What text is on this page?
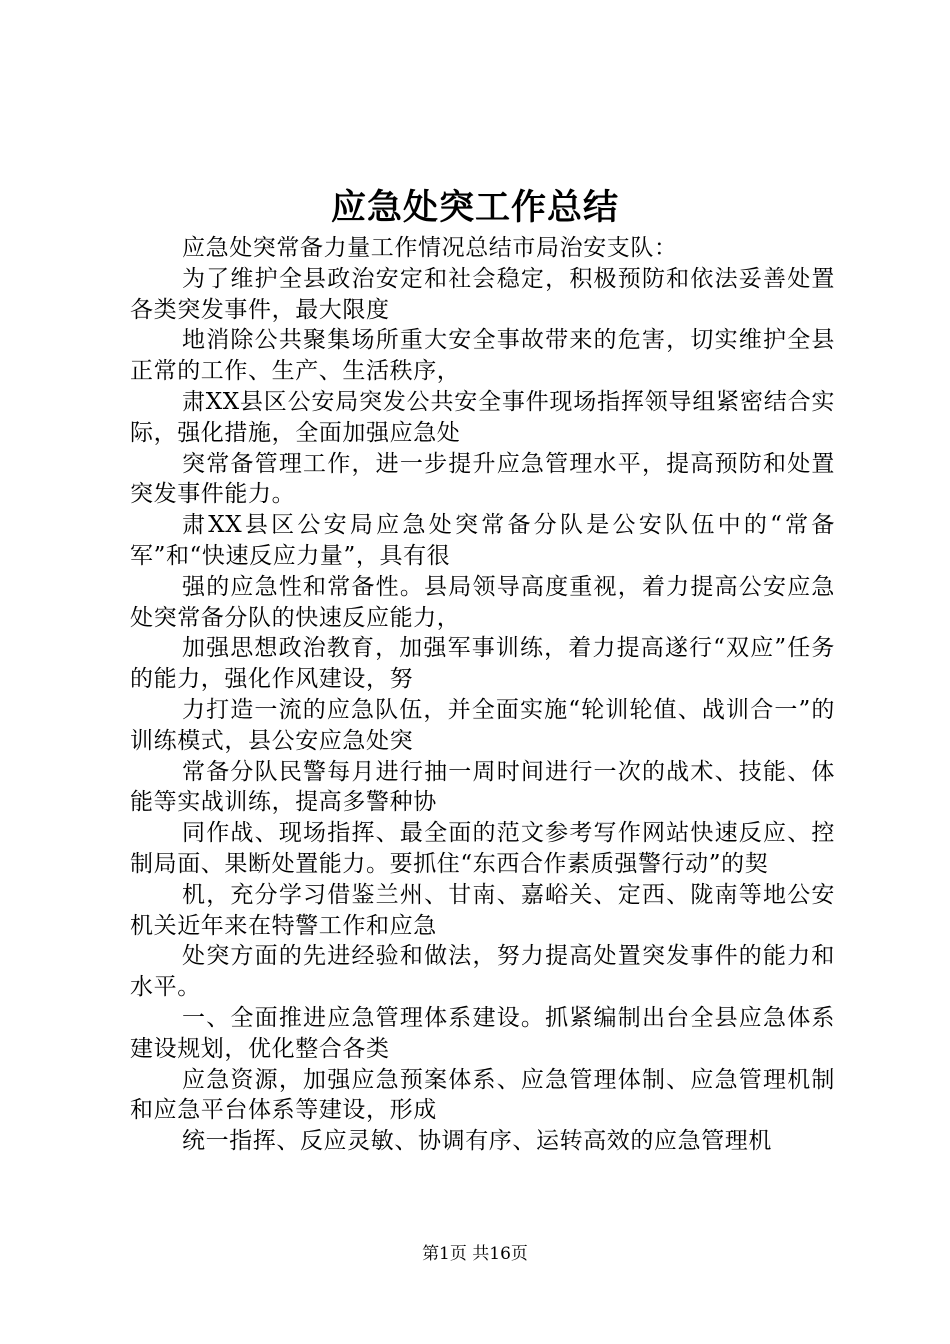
应急处突工作总结

应急处突常备力量工作情况总结市局治安支队：

为了维护全县政治安定和社会稳定，积极预防和依法妥善处置各类突发事件，最大限度

地消除公共聚集场所重大安全事故带来的危害，切实维护全县正常的工作、生产、生活秩序，

肃XX县区公安局突发公共安全事件现场指挥领导组紧密结合实际，强化措施，全面加强应急处

突常备管理工作，进一步提升应急管理水平，提高预防和处置突发事件能力。

肃XX县区公安局应急处突常备分队是公安队伍中的“常备军”和“快速反应力量”，具有很

强的应急性和常备性。县局领导高度重视，着力提高公安应急处突常备分队的快速反应能力，

加强思想政治教育，加强军事训练，着力提高遂行“双应”任务的能力，强化作风建设，努

力打造一流的应急队伍，并全面实施“轮训轮值、战训合一”的训练模式，县公安应急处突

常备分队民警每月进行抽一周时间进行一次的战术、技能、体能等实战训练，提高多警种协

同作战、现场指挥、最全面的范文参考写作网站快速反应、控制局面、果断处置能力。要抓住“东西合作素质强警行动”的契

机，充分学习借鉴兰州、甘南、嘉峪关、定西、陇南等地公安机关近年来在特警工作和应急

处突方面的先进经验和做法，努力提高处置突发事件的能力和水平。

一、全面推进应急管理体系建设。抓紧编制出台全县应急体系建设规划，优化整合各类

应急资源，加强应急预案体系、应急管理体制、应急管理机制和应急平台体系等建设，形成

统一指挥、反应灵敏、协调有序、运转高效的应急管理机

第1页 共16页
